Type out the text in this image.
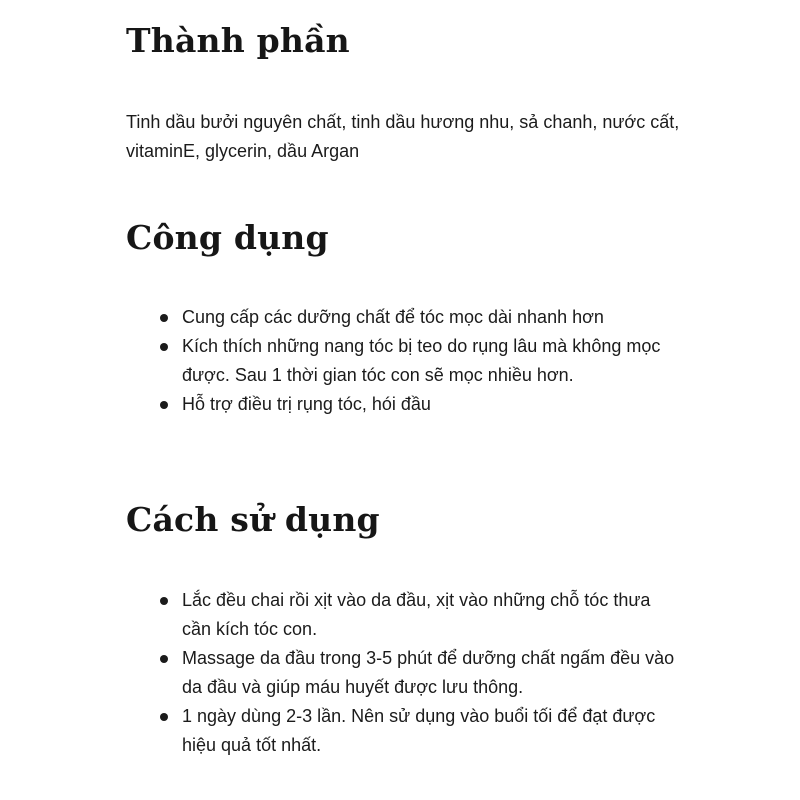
Thành phần

Tinh dầu bưởi nguyên chất, tinh dầu hương nhu, sả chanh, nước cất, vitaminE, glycerin, dầu Argan

Công dụng
Cung cấp các dưỡng chất để tóc mọc dài nhanh hơn
Kích thích những nang tóc bị teo do rụng lâu mà không mọc được. Sau 1 thời gian tóc con sẽ mọc nhiều hơn.
Hỗ trợ điều trị rụng tóc, hói đầu
Cách sử dụng
Lắc đều chai rồi xịt vào da đầu, xịt vào những chỗ tóc thưa cần kích tóc con.
Massage da đầu trong 3-5 phút để dưỡng chất ngấm đều vào da đầu và giúp máu huyết được lưu thông.
1 ngày dùng 2-3 lần. Nên sử dụng vào buổi tối để đạt được hiệu quả tốt nhất.
